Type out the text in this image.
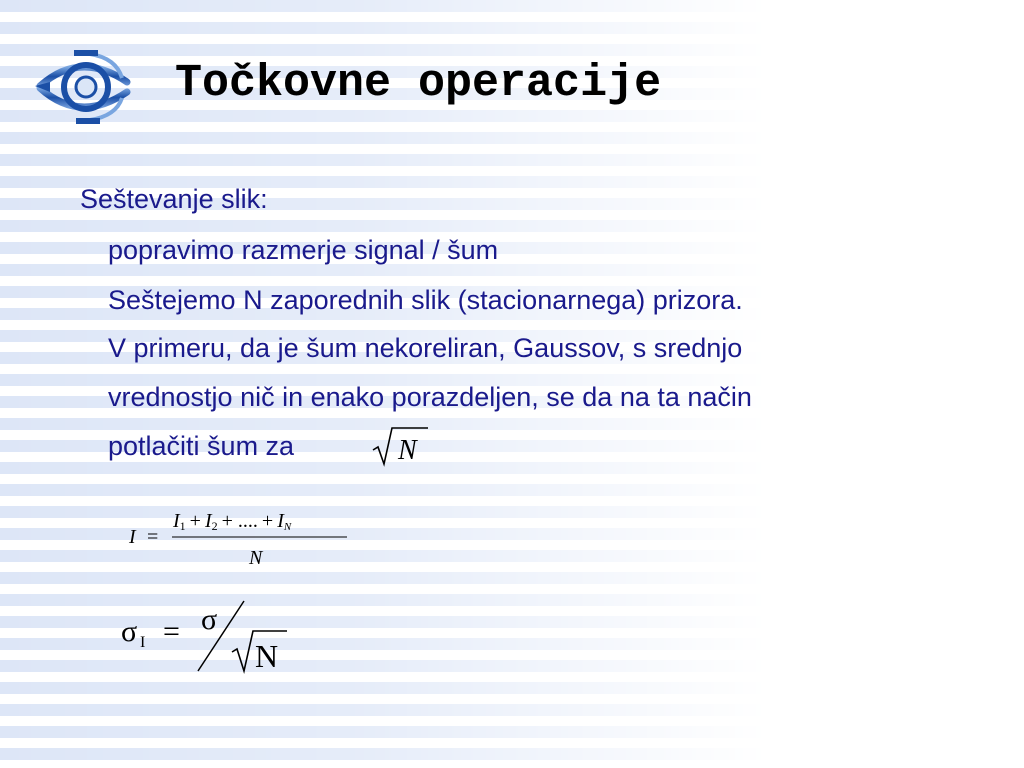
Točkovne operacije
Seštevanje slik:
popravimo razmerje signal / šum
Seštejemo N zaporednih slik (stacionarnega) prizora.
V primeru, da je šum nekoreliran, Gaussov, s srednjo
vrednostjo nič in enako porazdeljen, se da na ta način
potlačiti šum za	N
I =
I1 + I2 + .... + IN
N
σ I = σ
N
